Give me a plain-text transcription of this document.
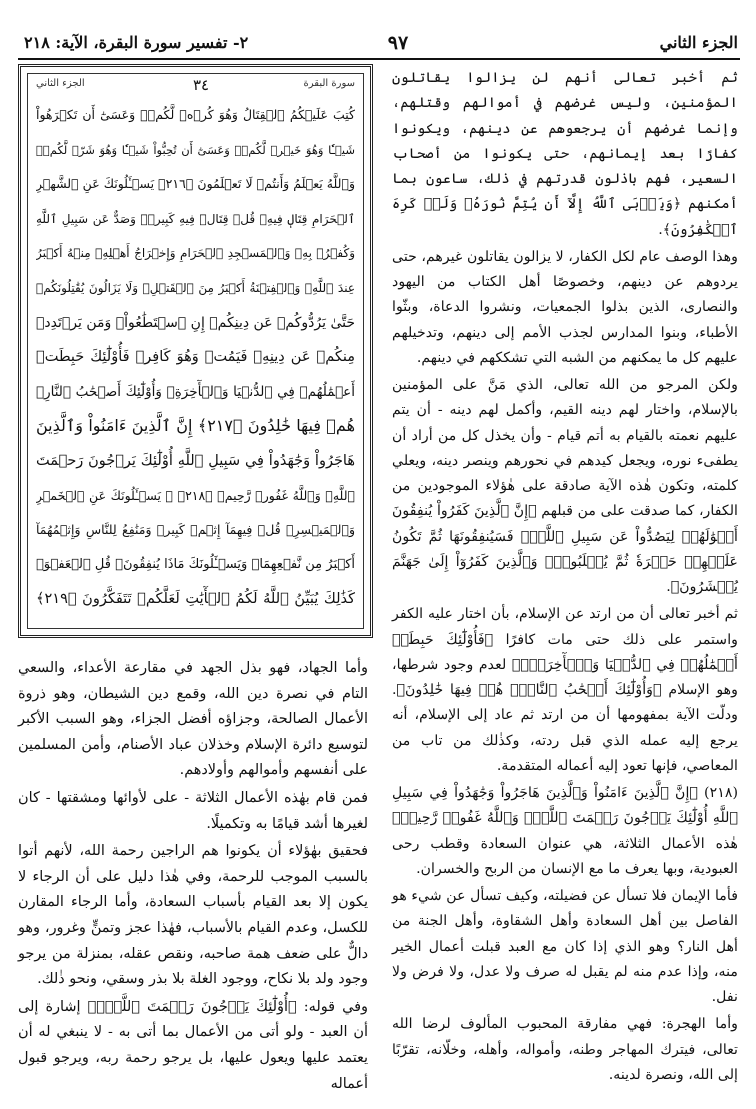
٢- تفسير سورة البقرة، الآية: ٢١٨	٩٧	الجزء الثاني
الجزء الثاني	٣٤	سورة البقرة
كُتِبَ عَلَيۡكُمُ ٱلۡقِتَالُ وَهُوَ كُرۡهٞ لَّكُمۡۖ وَعَسَىٰٓ أَن تَكۡرَهُواْ
شَيۡـٔٗا وَهُوَ خَيۡرٞ لَّكُمۡۖ وَعَسَىٰٓ أَن تُحِبُّواْ شَيۡـٔٗا وَهُوَ شَرّٞ لَّكُمۡۚ
وَٱللَّهُ يَعۡلَمُ وَأَنتُمۡ لَا تَعۡلَمُونَ ﴿٢١٦﴾ يَسۡـَٔلُونَكَ عَنِ ٱلشَّهۡرِ
ٱلۡحَرَامِ قِتَالٖ فِيهِۖ قُلۡ قِتَالٞ فِيهِ كَبِيرٞۚ وَصَدٌّ عَن سَبِيلِ ٱللَّهِ
وَكُفۡرُۢ بِهِۦ وَٱلۡمَسۡجِدِ ٱلۡحَرَامِ وَإِخۡرَاجُ أَهۡلِهِۦ مِنۡهُ أَكۡبَرُ
عِندَ ٱللَّهِۚ وَٱلۡفِتۡنَةُ أَكۡبَرُ مِنَ ٱلۡقَتۡلِۗ وَلَا يَزَالُونَ يُقَٰتِلُونَكُمۡ
حَتَّىٰ يَرُدُّوكُمۡ عَن دِينِكُمۡ إِنِ ٱسۡتَطَٰعُواْۚ وَمَن يَرۡتَدِدۡ
مِنكُمۡ عَن دِينِهِۦ فَيَمُتۡ وَهُوَ كَافِرٞ فَأُوْلَٰٓئِكَ حَبِطَتۡ
أَعۡمَٰلُهُمۡ فِي ٱلدُّنۡيَا وَٱلۡأٓخِرَةِۖ وَأُوْلَٰٓئِكَ أَصۡحَٰبُ ٱلنَّارِۖ
هُمۡ فِيهَا خَٰلِدُونَ ﴿٢١٧﴾ إِنَّ ٱلَّذِينَ ءَامَنُواْ وَٱلَّذِينَ
هَاجَرُواْ وَجَٰهَدُواْ فِي سَبِيلِ ٱللَّهِ أُوْلَٰٓئِكَ يَرۡجُونَ رَحۡمَتَ
ٱللَّهِۚ وَٱللَّهُ غَفُورٞ رَّحِيمٞ ﴿٢١٨﴾ ۞ يَسۡـَٔلُونَكَ عَنِ ٱلۡخَمۡرِ
وَٱلۡمَيۡسِرِۖ قُلۡ فِيهِمَآ إِثۡمٞ كَبِيرٞ وَمَنَٰفِعُ لِلنَّاسِ وَإِثۡمُهُمَآ
أَكۡبَرُ مِن نَّفۡعِهِمَاۗ وَيَسۡـَٔلُونَكَ مَاذَا يُنفِقُونَۖ قُلِ ٱلۡعَفۡوَۗ
كَذَٰلِكَ يُبَيِّنُ ٱللَّهُ لَكُمُ ٱلۡأٓيَٰتِ لَعَلَّكُمۡ تَتَفَكَّرُونَ ﴿٢١٩﴾

ثم أخبر تعالى أنهم لن يزالوا يقاتلون المؤمنين، وليس غرضهم في أموالهم وقتلهم، وإنما غرضهم أن يرجعوهم عن دينهم، ويكونوا كفارًا بعد إيمانهم، حتى يكونوا من أصحاب السعير، فهم باذلون قدرتهم في ذلك، ساعون بما أمكنهم ﴿وَيَأۡبَى ٱللَّهُ إِلَّآ أَن يُتِمَّ نُورَهُۥ وَلَوۡ كَرِهَ ٱلۡكَٰفِرُونَ﴾.

وهذا الوصف عام لكل الكفار، لا يزالون يقاتلون غيرهم، حتى يردوهم عن دينهم، وخصوصًا أهل الكتاب من اليهود والنصارى، الذين بذلوا الجمعيات، ونشروا الدعاة، وبثّوا الأطباء، وبنوا المدارس لجذب الأمم إلى دينهم، وتدخيلهم عليهم كل ما يمكنهم من الشبه التي تشككهم في دينهم.

ولكن المرجو من الله تعالى، الذي مَنَّ على المؤمنين بالإسلام، واختار لهم دينه القيم، وأكمل لهم دينه - أن يتم عليهم نعمته بالقيام به أتم قيام - وأن يخذل كل من أراد أن يطفىء نوره، ويجعل كيدهم في نحورهم وينصر دينه، ويعلي كلمته، وتكون هٰذه الآية صادقة على هٰؤلاء الموجودين من الكفار، كما صدقت على من قبلهم ﴿إِنَّ ٱلَّذِينَ كَفَرُواْ يُنفِقُونَ أَمۡوَٰلَهُمۡ لِيَصُدُّواْ عَن سَبِيلِ ٱللَّهِۚ فَسَيُنفِقُونَهَا ثُمَّ تَكُونُ عَلَيۡهِمۡ حَسۡرَةٗ ثُمَّ يُغۡلَبُونَۗ وَٱلَّذِينَ كَفَرُوٓاْ إِلَىٰ جَهَنَّمَ يُحۡشَرُونَ﴾.

ثم أخبر تعالى أن من ارتد عن الإسلام، بأن اختار عليه الكفر واستمر على ذلك حتى مات كافرًا ﴿فَأُوْلَٰٓئِكَ حَبِطَتۡ أَعۡمَٰلُهُمۡ فِي ٱلدُّنۡيَا وَٱلۡأٓخِرَةِۖ﴾ لعدم وجود شرطها، وهو الإسلام ﴿وَأُوْلَٰٓئِكَ أَصۡحَٰبُ ٱلنَّارِۖ هُمۡ فِيهَا خَٰلِدُونَ﴾. ودلّت الآية بمفهومها أن من ارتد ثم عاد إلى الإسلام، أنه يرجع إليه عمله الذي قبل ردته، وكذٰلك من تاب من المعاصي، فإنها تعود إليه أعماله المتقدمة.

(٢١٨) ﴿إِنَّ ٱلَّذِينَ ءَامَنُواْ وَٱلَّذِينَ هَاجَرُواْ وَجَٰهَدُواْ فِي سَبِيلِ ٱللَّهِ أُوْلَٰٓئِكَ يَرۡجُونَ رَحۡمَتَ ٱللَّهِۚ وَٱللَّهُ غَفُورٞ رَّحِيمٞ﴾ هٰذه الأعمال الثلاثة، هي عنوان السعادة وقطب رحى العبودية، وبها يعرف ما مع الإنسان من الربح والخسران.

فأما الإيمان فلا تسأل عن فضيلته، وكيف تسأل عن شيء هو الفاصل بين أهل السعادة وأهل الشقاوة، وأهل الجنة من أهل النار؟ وهو الذي إذا كان مع العبد قبلت أعمال الخير منه، وإذا عدم منه لم يقبل له صرف ولا عدل، ولا فرض ولا نفل.

وأما الهجرة: فهي مفارقة المحبوب المألوف لرضا الله تعالى، فيترك المهاجر وطنه، وأمواله، وأهله، وخلّانه، تقرّبًا إلى الله، ونصرة لدينه.

وأما الجهاد، فهو بذل الجهد في مقارعة الأعداء، والسعي التام في نصرة دين الله، وقمع دين الشيطان، وهو ذروة الأعمال الصالحة، وجزاؤه أفضل الجزاء، وهو السبب الأكبر لتوسيع دائرة الإسلام وخذلان عباد الأصنام، وأمن المسلمين على أنفسهم وأموالهم وأولادهم.

فمن قام بهٰذه الأعمال الثلاثة - على لأوائها ومشقتها - كان لغيرها أشد قيامًا به وتكميلًا.

فحقيق بهٰؤلاء أن يكونوا هم الراجين رحمة الله، لأنهم أتوا بالسبب الموجب للرحمة، وفي هٰذا دليل على أن الرجاء لا يكون إلا بعد القيام بأسباب السعادة، وأما الرجاء المقارن للكسل، وعدم القيام بالأسباب، فهٰذا عجز وتمنٍّ وغرور، وهو دالٌّ على ضعف همة صاحبه، ونقص عقله، بمنزلة من يرجو وجود ولد بلا نكاح، ووجود الغلة بلا بذر وسقي، ونحو ذٰلك.

وفي قوله: ﴿أُوْلَٰٓئِكَ يَرۡجُونَ رَحۡمَتَ ٱللَّهِۚ﴾ إشارة إلى أن العبد - ولو أتى من الأعمال بما أتى به - لا ينبغي له أن يعتمد عليها ويعول عليها، بل يرجو رحمة ربه، ويرجو قبول أعماله
